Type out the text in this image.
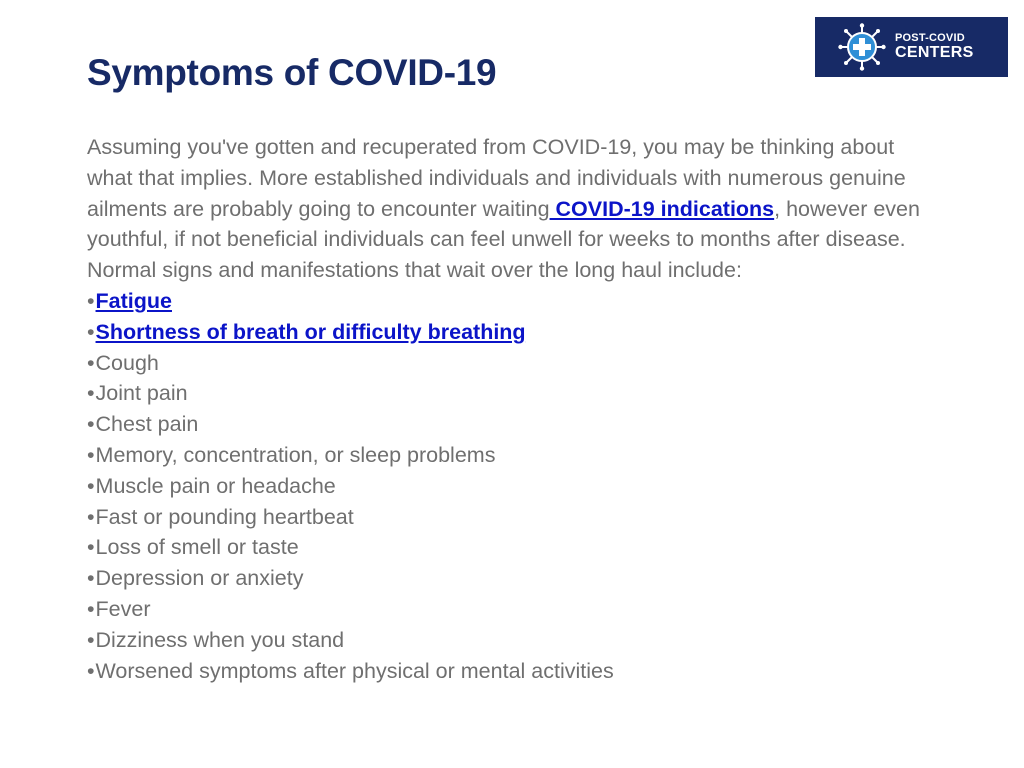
POST-COVID
CENTERS
Symptoms of COVID-19

Assuming you've gotten and recuperated from COVID-19, you may be thinking about what that implies. More established individuals and individuals with numerous genuine ailments are probably going to encounter waiting COVID-19 indications, however even youthful, if not beneficial individuals can feel unwell for weeks to months after disease. Normal signs and manifestations that wait over the long haul include:

•Fatigue
•Shortness of breath or difficulty breathing
•Cough
•Joint pain
•Chest pain
•Memory, concentration, or sleep problems
•Muscle pain or headache
•Fast or pounding heartbeat
•Loss of smell or taste
•Depression or anxiety
•Fever
•Dizziness when you stand
•Worsened symptoms after physical or mental activities
